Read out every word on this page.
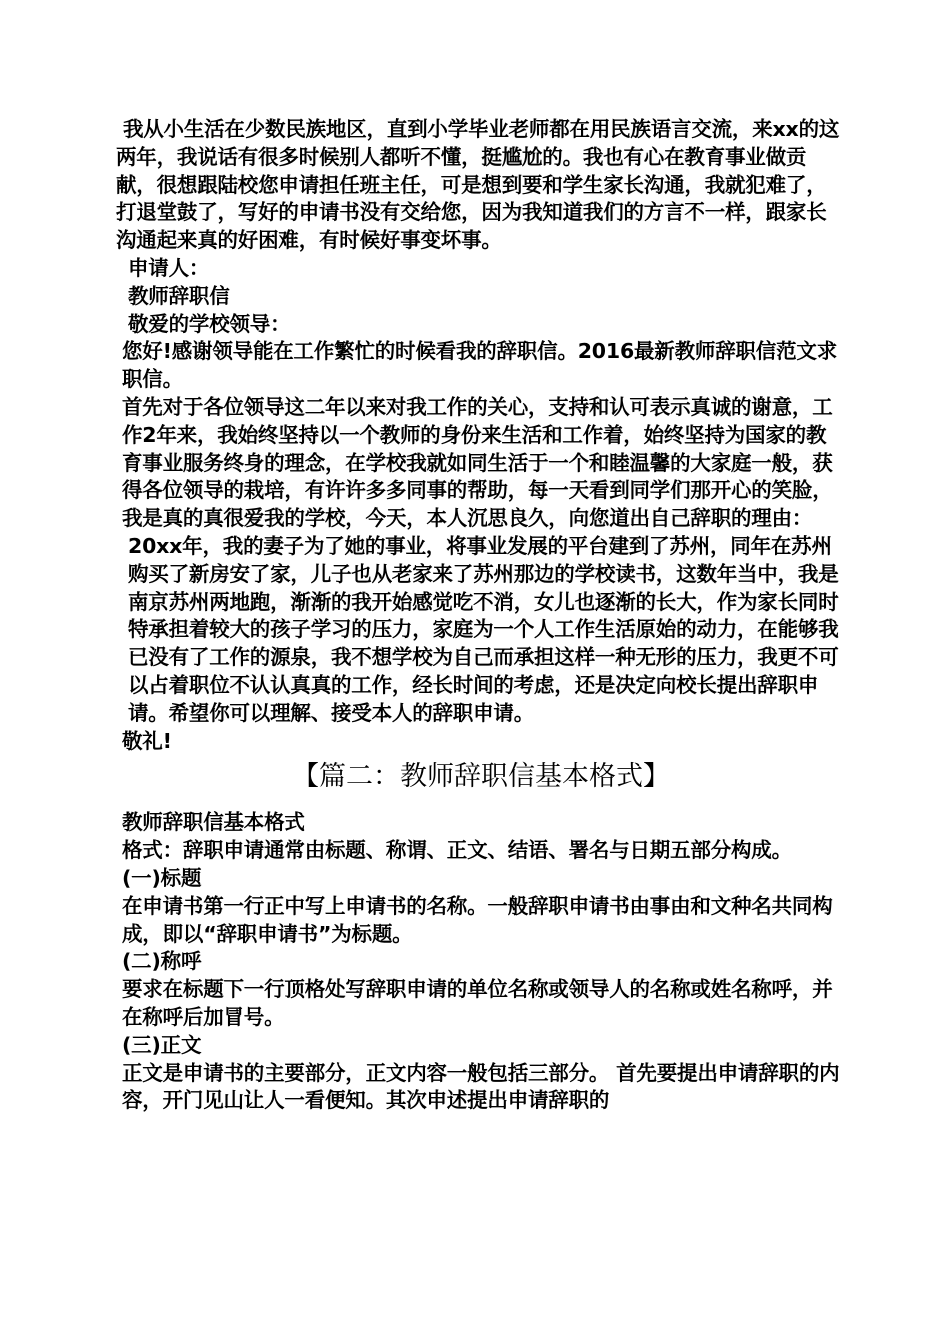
我从小生活在少数民族地区，直到小学毕业老师都在用民族语言交流，来xx的这两年，我说话有很多时候别人都听不懂，挺尴尬的。我也有心在教育事业做贡献，很想跟陆校您申请担任班主任，可是想到要和学生家长沟通，我就犯难了，打退堂鼓了，写好的申请书没有交给您，因为我知道我们的方言不一样，跟家长沟通起来真的好困难，有时候好事变坏事。

申请人：

教师辞职信

敬爱的学校领导：

您好!感谢领导能在工作繁忙的时候看我的辞职信。2016最新教师辞职信范文求职信。

首先对于各位领导这二年以来对我工作的关心，支持和认可表示真诚的谢意，工作2年来，我始终坚持以一个教师的身份来生活和工作着，始终坚持为国家的教育事业服务终身的理念，在学校我就如同生活于一个和睦温馨的大家庭一般，获得各位领导的栽培，有许许多多同事的帮助，每一天看到同学们那开心的笑脸，我是真的真很爱我的学校，今天，本人沉思良久，向您道出自己辞职的理由：

20xx年，我的妻子为了她的事业，将事业发展的平台建到了苏州，同年在苏州购买了新房安了家，儿子也从老家来了苏州那边的学校读书，这数年当中，我是南京苏州两地跑，渐渐的我开始感觉吃不消，女儿也逐渐的长大，作为家长同时特承担着较大的孩子学习的压力，家庭为一个人工作生活原始的动力，在能够我已没有了工作的源泉，我不想学校为自己而承担这样一种无形的压力，我更不可以占着职位不认认真真的工作，经长时间的考虑，还是决定向校长提出辞职申请。希望你可以理解、接受本人的辞职申请。

敬礼!

【篇二：教师辞职信基本格式】

教师辞职信基本格式

格式：辞职申请通常由标题、称谓、正文、结语、署名与日期五部分构成。

(一)标题

在申请书第一行正中写上申请书的名称。一般辞职申请书由事由和文种名共同构成，即以“辞职申请书”为标题。

(二)称呼

要求在标题下一行顶格处写辞职申请的单位名称或领导人的名称或姓名称呼，并在称呼后加冒号。

(三)正文

正文是申请书的主要部分，正文内容一般包括三部分。 首先要提出申请辞职的内容，开门见山让人一看便知。其次申述提出申请辞职的
